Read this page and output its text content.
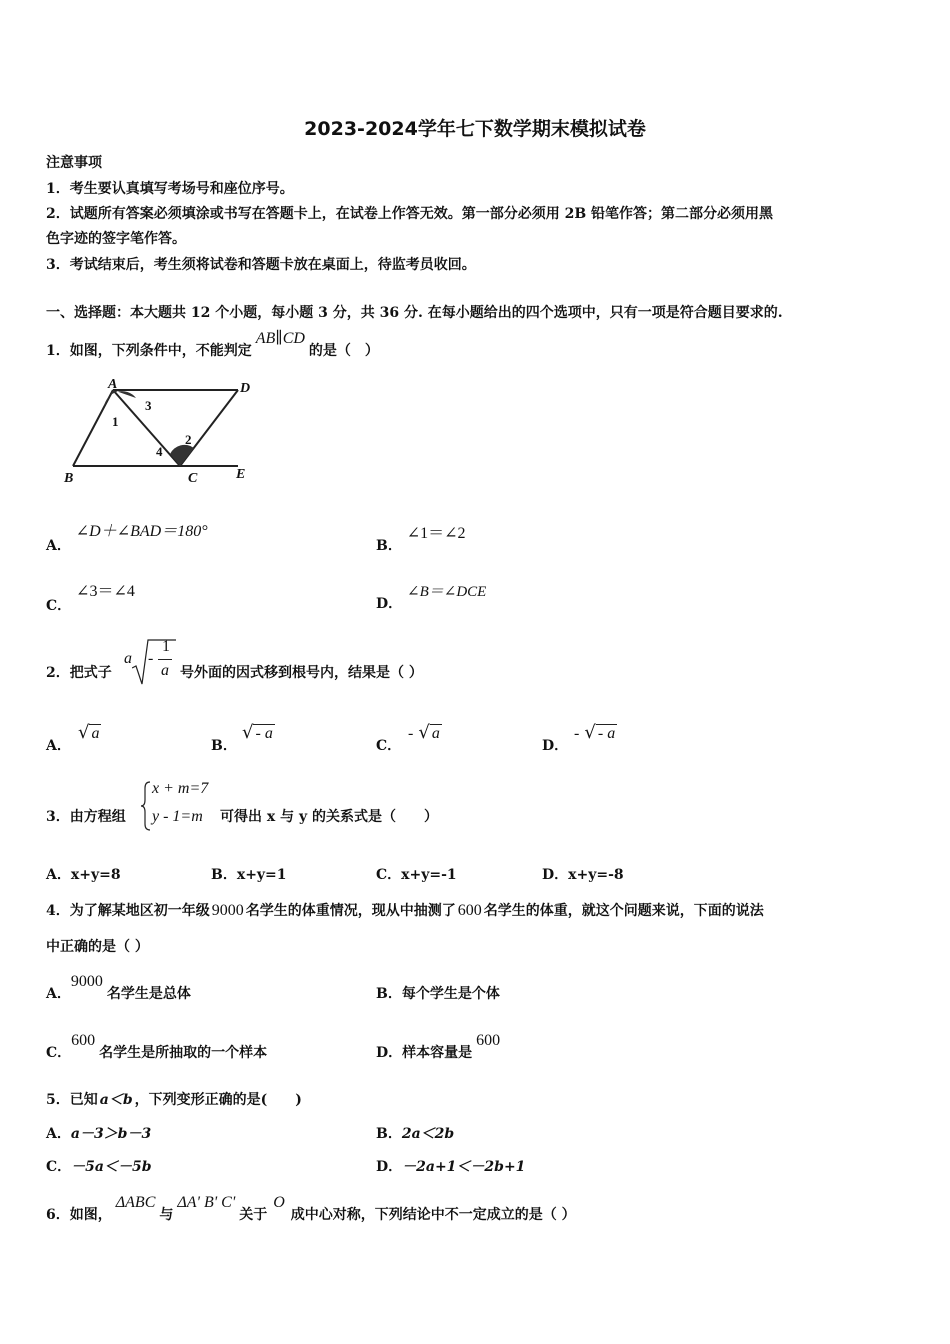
2023-2024学年七下数学期末模拟试卷
注意事项
1．考生要认真填写考场号和座位序号。
2．试题所有答案必须填涂或书写在答题卡上，在试卷上作答无效。第一部分必须用 2B 铅笔作答；第二部分必须用黑
色字迹的签字笔作答。
3．考试结束后，考生须将试卷和答题卡放在桌面上，待监考员收回。
一、选择题：本大题共 12 个小题，每小题 3 分，共 36 分. 在每小题给出的四个选项中，只有一项是符合题目要求的.
1．如图，下列条件中，不能判定AB∥CD的是（　）
A	D
B	C	E
1
2
3
4
A． ∠D＋∠BAD＝180°
B． ∠1＝∠2
C． ∠3＝∠4
D． ∠B＝∠DCE
2．把式子
a -
1
a 号外面的因式移到根号内，结果是（ ）
A．
√ a
B．
√ - a
C．
- √ a
D．
- √ - a
3．由方程组
x + m=7
y - 1=m 可得出 x 与 y 的关系式是（　　）
A．x+y=8	B．x+y=1	C．x+y=-1	D．x+y=-8
4．为了解某地区初一年级 9000 名学生的体重情况，现从中抽测了 600 名学生的体重，就这个问题来说，下面的说法
中正确的是（ ）
A．9000名学生是总体	B．每个学生是个体
C．600名学生是所抽取的一个样本	D．样本容量是600
5．已知 a＜b ，下列变形正确的是(　　)
A．a－3＞b－3	B．2a＜2b
C．－5a＜－5b	D．－2a+1＜－2b+1
6．如图，ΔABC与ΔA' B' C'关于O成中心对称，下列结论中不一定成立的是（ ）
